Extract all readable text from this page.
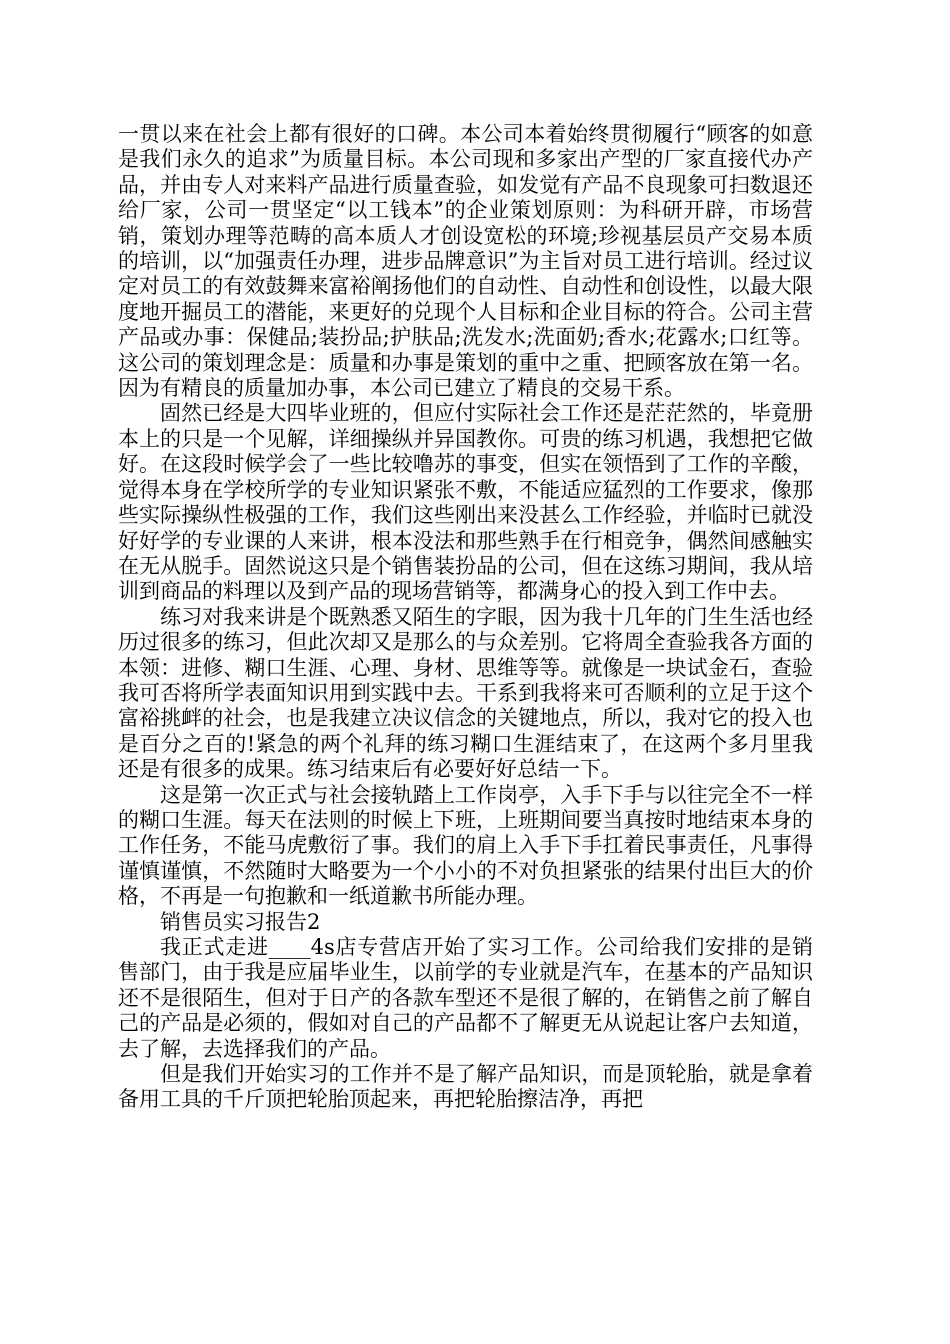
一贯以来在社会上都有很好的口碑。本公司本着始终贯彻履行“顾客的如意是我们永久的追求”为质量目标。本公司现和多家出产型的厂家直接代办产品，并由专人对来料产品进行质量查验，如发觉有产品不良现象可扫数退还给厂家，公司一贯坚定“以工钱本”的企业策划原则：为科研开辟，市场营销，策划办理等范畴的高本质人才创设宽松的环境;珍视基层员产交易本质的培训，以“加强责任办理，进步品牌意识”为主旨对员工进行培训。经过议定对员工的有效鼓舞来富裕阐扬他们的自动性、自动性和创设性，以最大限度地开掘员工的潜能，来更好的兑现个人目标和企业目标的符合。公司主营产品或办事：保健品;装扮品;护肤品;洗发水;洗面奶;香水;花露水;口红等。这公司的策划理念是：质量和办事是策划的重中之重、把顾客放在第一名。因为有精良的质量加办事，本公司已建立了精良的交易干系。

固然已经是大四毕业班的，但应付实际社会工作还是茫茫然的，毕竟册本上的只是一个见解，详细操纵并异国教你。可贵的练习机遇，我想把它做好。在这段时候学会了一些比较噜苏的事变，但实在领悟到了工作的辛酸，觉得本身在学校所学的专业知识紧张不敷，不能适应猛烈的工作要求，像那些实际操纵性极强的工作，我们这些刚出来没甚么工作经验，并临时已就没好好学的专业课的人来讲，根本没法和那些熟手在行相竞争，偶然间感触实在无从脱手。固然说这只是个销售装扮品的公司，但在这练习期间，我从培训到商品的料理以及到产品的现场营销等，都满身心的投入到工作中去。

练习对我来讲是个既熟悉又陌生的字眼，因为我十几年的门生生活也经历过很多的练习，但此次却又是那么的与众差别。它将周全查验我各方面的本领：进修、糊口生涯、心理、身材、思维等等。就像是一块试金石，查验我可否将所学表面知识用到实践中去。干系到我将来可否顺利的立足于这个富裕挑衅的社会，也是我建立决议信念的关键地点，所以，我对它的投入也是百分之百的!紧急的两个礼拜的练习糊口生涯结束了，在这两个多月里我还是有很多的成果。练习结束后有必要好好总结一下。

这是第一次正式与社会接轨踏上工作岗亭，入手下手与以往完全不一样的糊口生涯。每天在法则的时候上下班，上班期间要当真按时地结束本身的工作任务，不能马虎敷衍了事。我们的肩上入手下手扛着民事责任，凡事得谨慎谨慎，不然随时大略要为一个小小的不对负担紧张的结果付出巨大的价格，不再是一句抱歉和一纸道歉书所能办理。

销售员实习报告2

我正式走进____4s店专营店开始了实习工作。公司给我们安排的是销售部门，由于我是应届毕业生，以前学的专业就是汽车，在基本的产品知识还不是很陌生，但对于日产的各款车型还不是很了解的，在销售之前了解自己的产品是必须的，假如对自己的产品都不了解更无从说起让客户去知道，去了解，去选择我们的产品。

但是我们开始实习的工作并不是了解产品知识，而是顶轮胎，就是拿着备用工具的千斤顶把轮胎顶起来，再把轮胎擦洁净，再把
